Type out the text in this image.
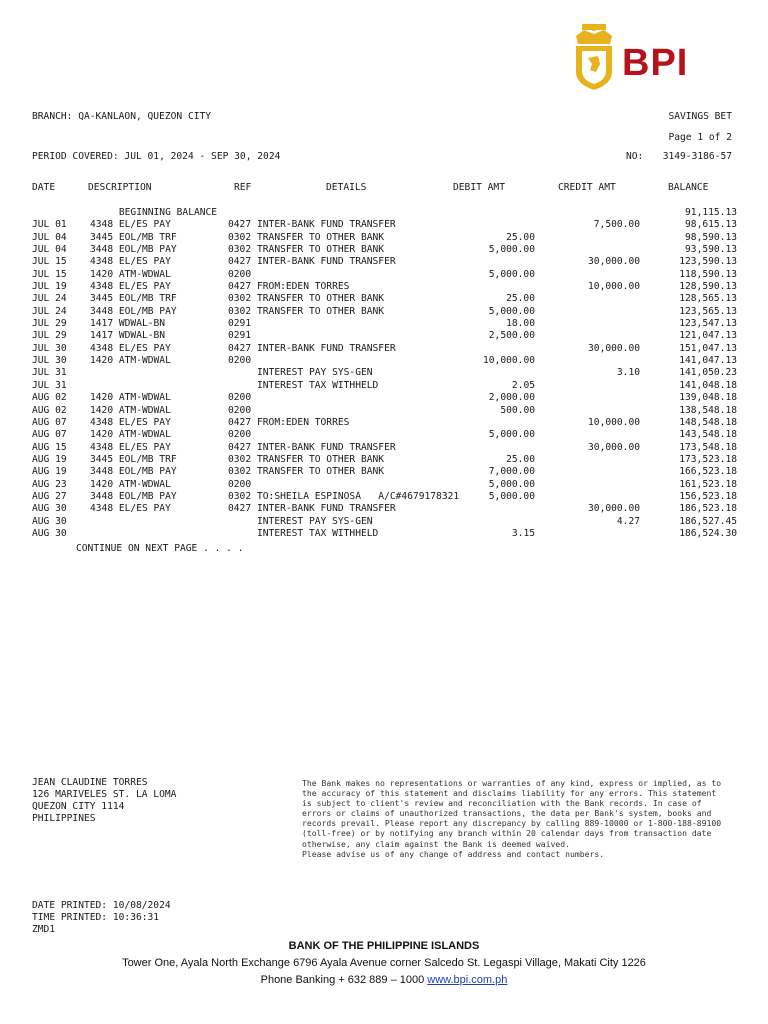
BPI
BRANCH: QA-KANLAON, QUEZON CITY	SAVINGS BET
Page 1 of 2
PERIOD COVERED: JUL 01, 2024 - SEP 30, 2024	NO: 3149-3186-57
DATE	DESCRIPTION	REF	DETAILS	DEBIT AMT	CREDIT AMT	BALANCE
	BEGINNING BALANCE					91,115.13
JUL 01	4348 EL/ES PAY	0427	INTER-BANK FUND TRANSFER		7,500.00	98,615.13
JUL 04	3445 EOL/MB TRF	0302	TRANSFER TO OTHER BANK	25.00		98,590.13
JUL 04	3448 EOL/MB PAY	0302	TRANSFER TO OTHER BANK	5,000.00		93,590.13
JUL 15	4348 EL/ES PAY	0427	INTER-BANK FUND TRANSFER		30,000.00	123,590.13
JUL 15	1420 ATM-WDWAL	0200		5,000.00		118,590.13
JUL 19	4348 EL/ES PAY	0427	FROM:EDEN TORRES		10,000.00	128,590.13
JUL 24	3445 EOL/MB TRF	0302	TRANSFER TO OTHER BANK	25.00		128,565.13
JUL 24	3448 EOL/MB PAY	0302	TRANSFER TO OTHER BANK	5,000.00		123,565.13
JUL 29	1417 WDWAL-BN	0291		18.00		123,547.13
JUL 29	1417 WDWAL-BN	0291		2,500.00		121,047.13
JUL 30	4348 EL/ES PAY	0427	INTER-BANK FUND TRANSFER		30,000.00	151,047.13
JUL 30	1420 ATM-WDWAL	0200		10,000.00		141,047.13
JUL 31			INTEREST PAY SYS-GEN		3.10	141,050.23
JUL 31			INTEREST TAX WITHHELD	2.05		141,048.18
AUG 02	1420 ATM-WDWAL	0200		2,000.00		139,048.18
AUG 02	1420 ATM-WDWAL	0200		500.00		138,548.18
AUG 07	4348 EL/ES PAY	0427	FROM:EDEN TORRES		10,000.00	148,548.18
AUG 07	1420 ATM-WDWAL	0200		5,000.00		143,548.18
AUG 15	4348 EL/ES PAY	0427	INTER-BANK FUND TRANSFER		30,000.00	173,548.18
AUG 19	3445 EOL/MB TRF	0302	TRANSFER TO OTHER BANK	25.00		173,523.18
AUG 19	3448 EOL/MB PAY	0302	TRANSFER TO OTHER BANK	7,000.00		166,523.18
AUG 23	1420 ATM-WDWAL	0200		5,000.00		161,523.18
AUG 27	3448 EOL/MB PAY	0302	TO:SHEILA ESPINOSA   A/C#4679178321	5,000.00		156,523.18
AUG 30	4348 EL/ES PAY	0427	INTER-BANK FUND TRANSFER		30,000.00	186,523.18
AUG 30			INTEREST PAY SYS-GEN		4.27	186,527.45
AUG 30			INTEREST TAX WITHHELD	3.15		186,524.30
CONTINUE ON NEXT PAGE . . . .
JEAN CLAUDINE TORRES
126 MARIVELES ST. LA LOMA
QUEZON CITY 1114
PHILIPPINES
The Bank makes no representations or warranties of any kind, express or implied, as to
the accuracy of this statement and disclaims liability for any errors. This statement
is subject to client's review and reconciliation with the Bank records. In case of
errors or claims of unauthorized transactions, the data per Bank's system, books and
records prevail. Please report any discrepancy by calling 889-10000 or 1-800-188-89100
(toll-free) or by notifying any branch within 20 calendar days from transaction date
otherwise, any claim against the Bank is deemed waived.
Please advise us of any change of address and contact numbers.
DATE PRINTED: 10/08/2024
TIME PRINTED: 10:36:31
ZMD1
BANK OF THE PHILIPPINE ISLANDS
Tower One, Ayala North Exchange 6796 Ayala Avenue corner Salcedo St. Legaspi Village, Makati City 1226
Phone Banking + 632 889 – 1000 www.bpi.com.ph
